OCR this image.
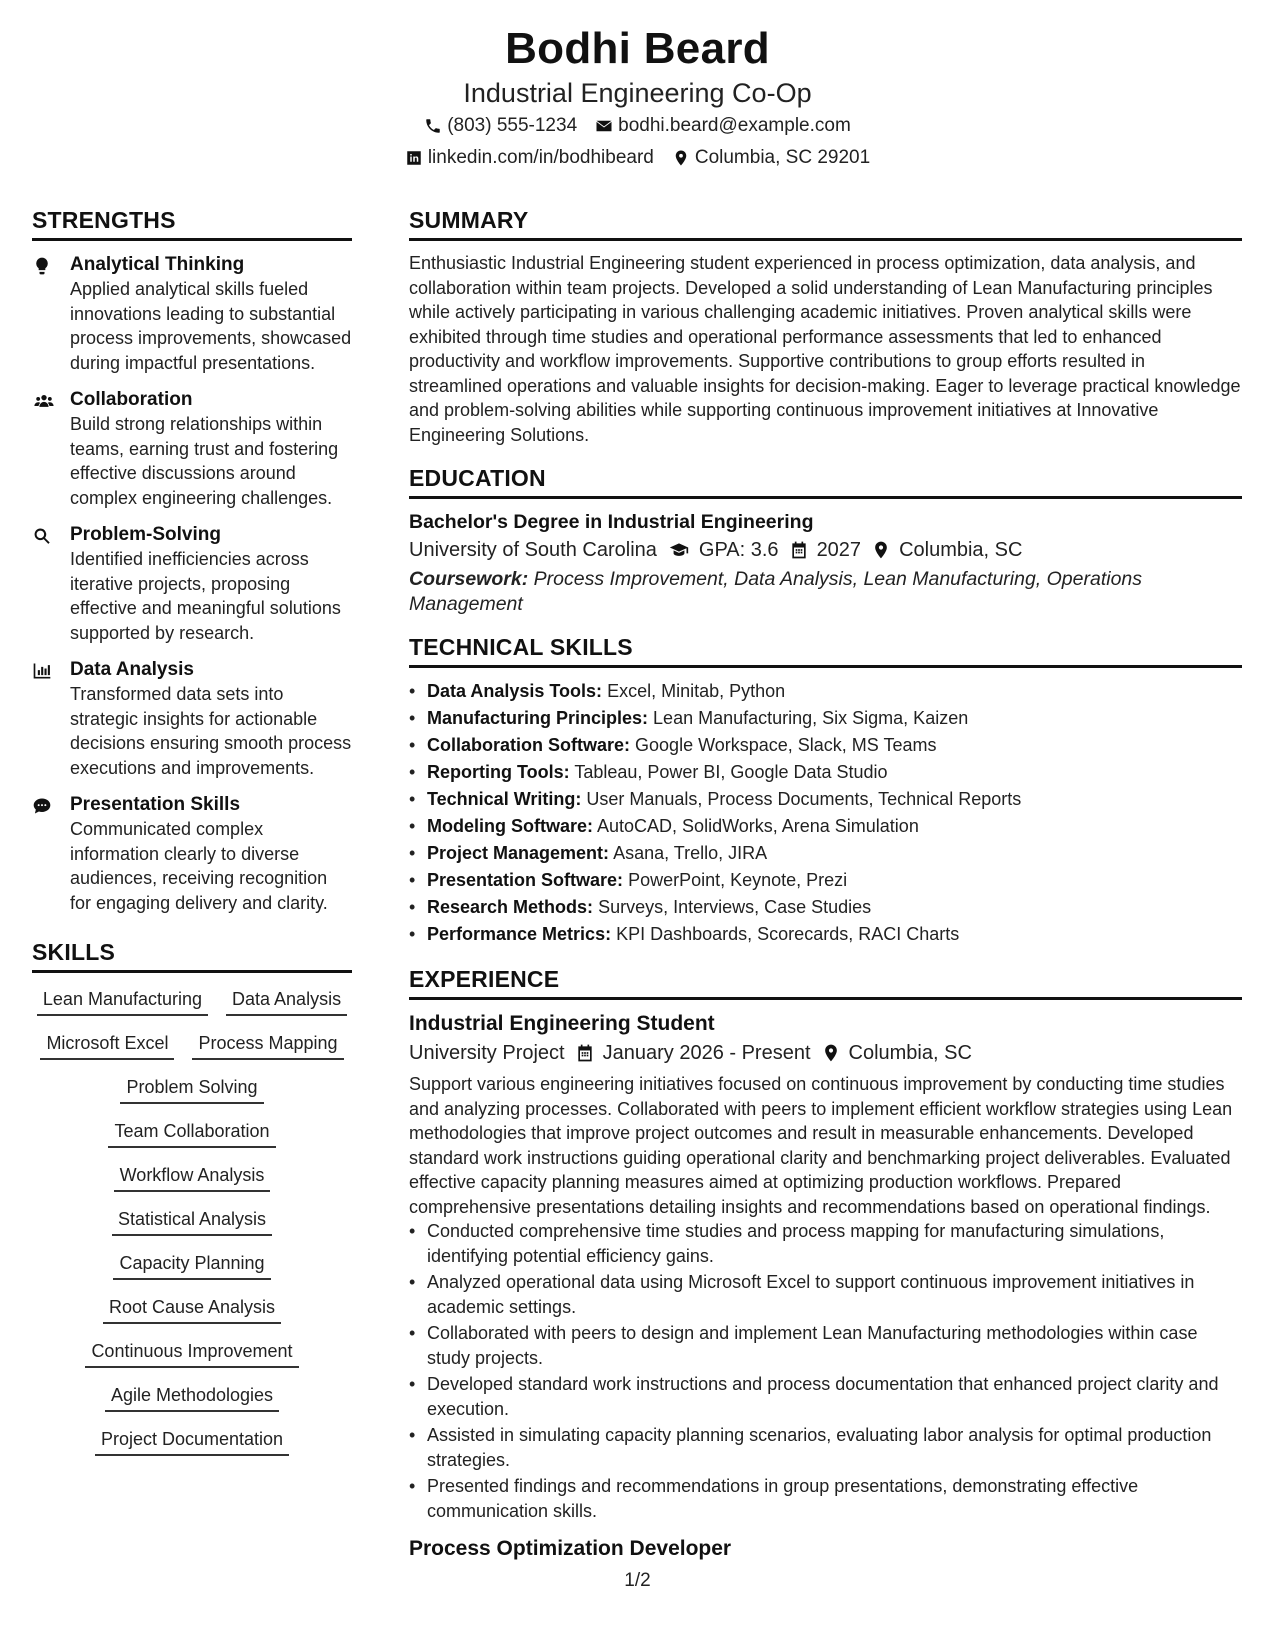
Bodhi Beard
Industrial Engineering Co-Op
(803) 555-1234 bodhi.beard@example.com
linkedin.com/in/bodhibeard Columbia, SC 29201
STRENGTHS
Analytical Thinking
Applied analytical skills fueled innovations leading to substantial process improvements, showcased during impactful presentations.
Collaboration
Build strong relationships within teams, earning trust and fostering effective discussions around complex engineering challenges.
Problem-Solving
Identified inefficiencies across iterative projects, proposing effective and meaningful solutions supported by research.
Data Analysis
Transformed data sets into strategic insights for actionable decisions ensuring smooth process executions and improvements.
Presentation Skills
Communicated complex information clearly to diverse audiences, receiving recognition for engaging delivery and clarity.
SKILLS
Lean Manufacturing	Data Analysis
Microsoft Excel	Process Mapping
Problem Solving
Team Collaboration
Workflow Analysis
Statistical Analysis
Capacity Planning
Root Cause Analysis
Continuous Improvement
Agile Methodologies
Project Documentation
SUMMARY
Enthusiastic Industrial Engineering student experienced in process optimization, data analysis, and collaboration within team projects. Developed a solid understanding of Lean Manufacturing principles while actively participating in various challenging academic initiatives. Proven analytical skills were exhibited through time studies and operational performance assessments that led to enhanced productivity and workflow improvements. Supportive contributions to group efforts resulted in streamlined operations and valuable insights for decision-making. Eager to leverage practical knowledge and problem-solving abilities while supporting continuous improvement initiatives at Innovative Engineering Solutions.
EDUCATION
Bachelor's Degree in Industrial Engineering
University of South Carolina GPA: 3.6 2027 Columbia, SC
Coursework: Process Improvement, Data Analysis, Lean Manufacturing, Operations Management
TECHNICAL SKILLS
• Data Analysis Tools: Excel, Minitab, Python
• Manufacturing Principles: Lean Manufacturing, Six Sigma, Kaizen
• Collaboration Software: Google Workspace, Slack, MS Teams
• Reporting Tools: Tableau, Power BI, Google Data Studio
• Technical Writing: User Manuals, Process Documents, Technical Reports
• Modeling Software: AutoCAD, SolidWorks, Arena Simulation
• Project Management: Asana, Trello, JIRA
• Presentation Software: PowerPoint, Keynote, Prezi
• Research Methods: Surveys, Interviews, Case Studies
• Performance Metrics: KPI Dashboards, Scorecards, RACI Charts
EXPERIENCE
Industrial Engineering Student
University Project January 2026 - Present Columbia, SC
Support various engineering initiatives focused on continuous improvement by conducting time studies and analyzing processes. Collaborated with peers to implement efficient workflow strategies using Lean methodologies that improve project outcomes and result in measurable enhancements. Developed standard work instructions guiding operational clarity and benchmarking project deliverables. Evaluated effective capacity planning measures aimed at optimizing production workflows. Prepared comprehensive presentations detailing insights and recommendations based on operational findings.
• Conducted comprehensive time studies and process mapping for manufacturing simulations, identifying potential efficiency gains.
• Analyzed operational data using Microsoft Excel to support continuous improvement initiatives in academic settings.
• Collaborated with peers to design and implement Lean Manufacturing methodologies within case study projects.
• Developed standard work instructions and process documentation that enhanced project clarity and execution.
• Assisted in simulating capacity planning scenarios, evaluating labor analysis for optimal production strategies.
• Presented findings and recommendations in group presentations, demonstrating effective communication skills.
Process Optimization Developer
1/2
